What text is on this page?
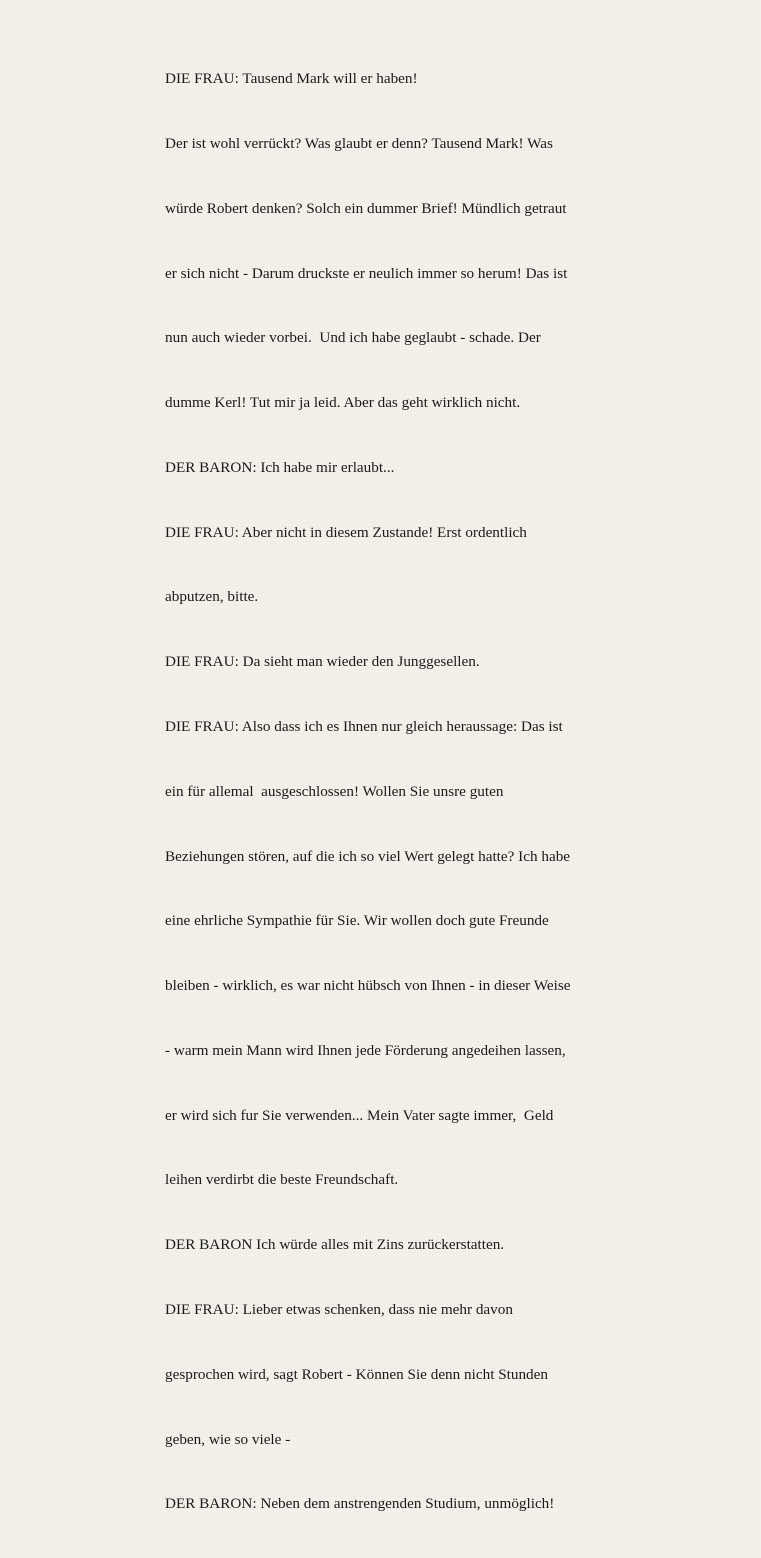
DIE FRAU: Tausend Mark will er haben!

Der ist wohl verrückt? Was glaubt er denn? Tausend Mark! Was

würde Robert denken? Solch ein dummer Brief! Mündlich getraut

er sich nicht - Darum druckste er neulich immer so herum! Das ist

nun auch wieder vorbei.  Und ich habe geglaubt - schade. Der

dumme Kerl! Tut mir ja leid. Aber das geht wirklich nicht.

DER BARON: Ich habe mir erlaubt...

DIE FRAU: Aber nicht in diesem Zustande! Erst ordentlich

abputzen, bitte.

DIE FRAU: Da sieht man wieder den Junggesellen.

DIE FRAU: Also dass ich es Ihnen nur gleich heraussage: Das ist

ein für allemal  ausgeschlossen! Wollen Sie unsre guten

Beziehungen stören, auf die ich so viel Wert gelegt hatte? Ich habe

eine ehrliche Sympathie für Sie. Wir wollen doch gute Freunde

bleiben - wirklich, es war nicht hübsch von Ihnen - in dieser Weise

- warm mein Mann wird Ihnen jede Förderung angedeihen lassen,

er wird sich fur Sie verwenden... Mein Vater sagte immer,  Geld

leihen verdirbt die beste Freundschaft.

DER BARON Ich würde alles mit Zins zurückerstatten.

DIE FRAU: Lieber etwas schenken, dass nie mehr davon

gesprochen wird, sagt Robert - Können Sie denn nicht Stunden

geben, wie so viele -

DER BARON: Neben dem anstrengenden Studium, unmöglich!
